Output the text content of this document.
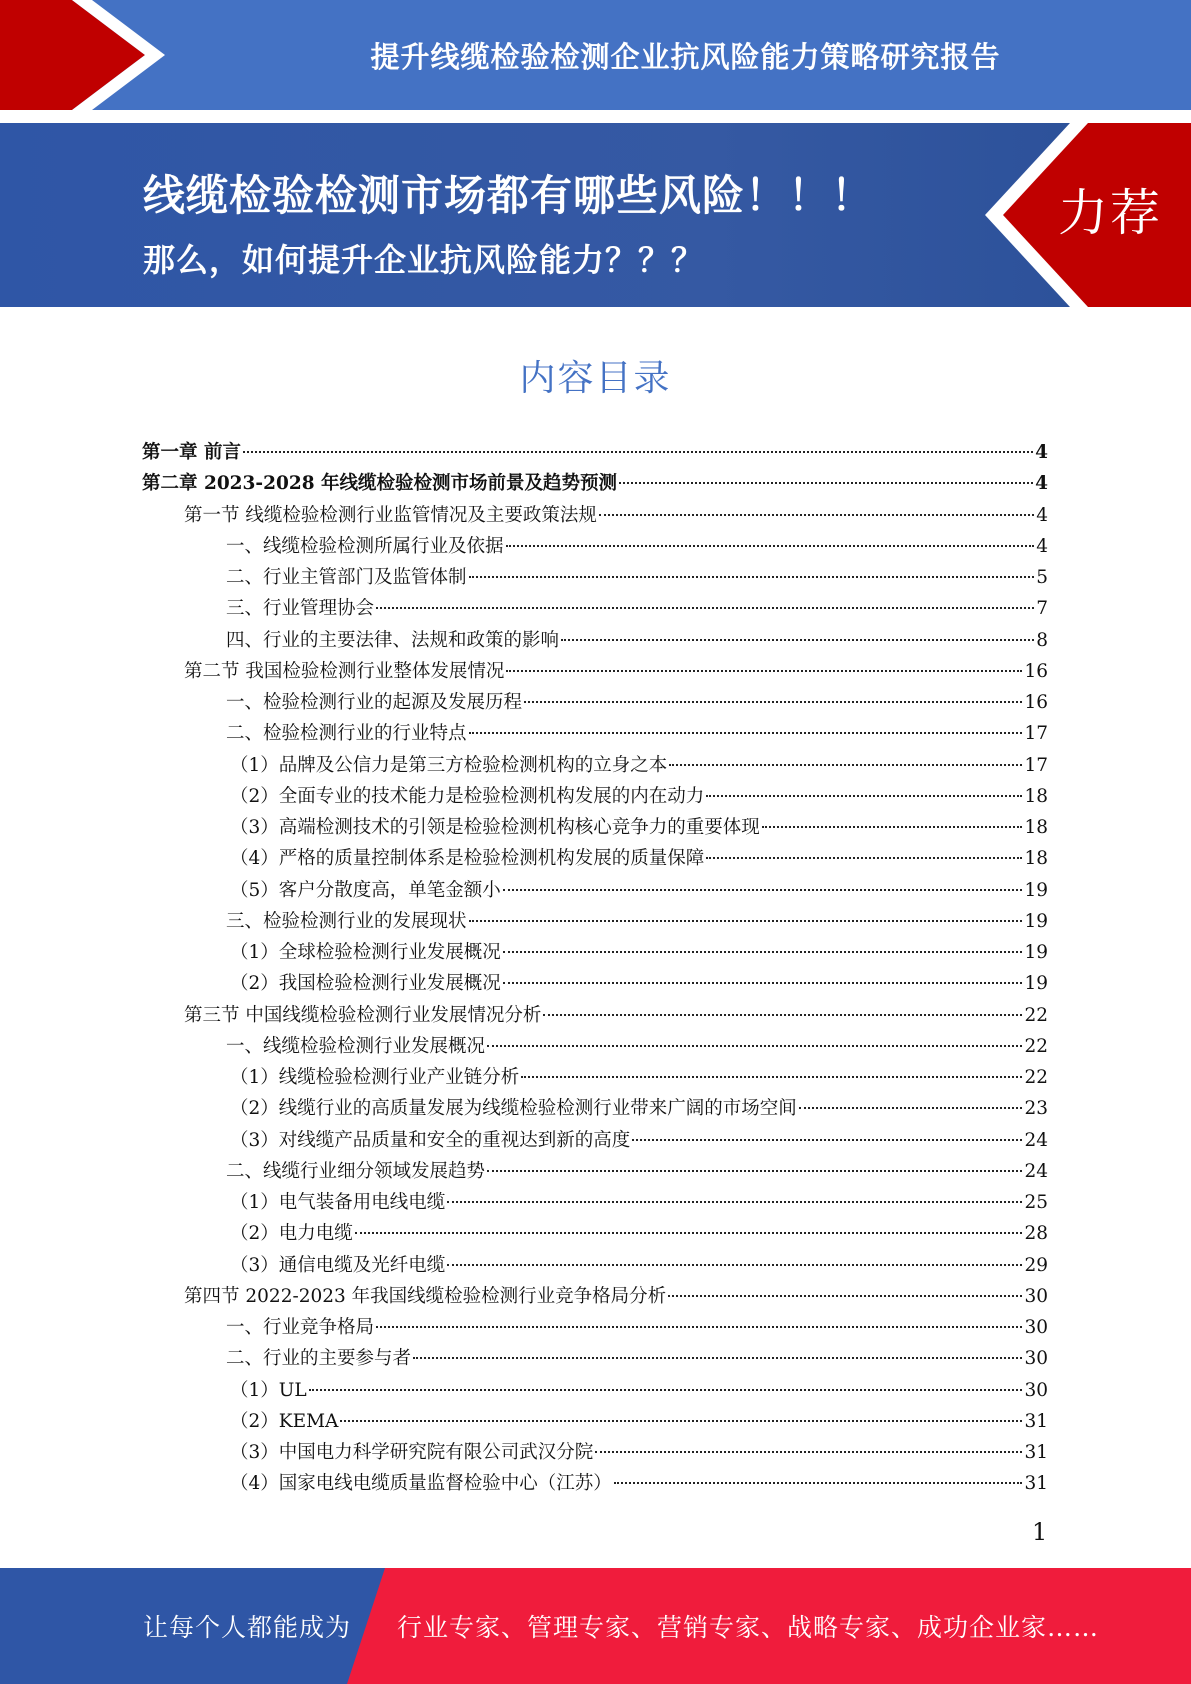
提升线缆检验检测企业抗风险能力策略研究报告
线缆检验检测市场都有哪些风险！！！
那么，如何提升企业抗风险能力？？？
力荐
内容目录
第一章 前言	4
第二章 2023-2028 年线缆检验检测市场前景及趋势预测	4
第一节 线缆检验检测行业监管情况及主要政策法规	4
一、线缆检验检测所属行业及依据	4
二、行业主管部门及监管体制	5
三、行业管理协会	7
四、行业的主要法律、法规和政策的影响	8
第二节 我国检验检测行业整体发展情况	16
一、检验检测行业的起源及发展历程	16
二、检验检测行业的行业特点	17
（1）品牌及公信力是第三方检验检测机构的立身之本	17
（2）全面专业的技术能力是检验检测机构发展的内在动力	18
（3）高端检测技术的引领是检验检测机构核心竞争力的重要体现	18
（4）严格的质量控制体系是检验检测机构发展的质量保障	18
（5）客户分散度高，单笔金额小	19
三、检验检测行业的发展现状	19
（1）全球检验检测行业发展概况	19
（2）我国检验检测行业发展概况	19
第三节 中国线缆检验检测行业发展情况分析	22
一、线缆检验检测行业发展概况	22
（1）线缆检验检测行业产业链分析	22
（2）线缆行业的高质量发展为线缆检验检测行业带来广阔的市场空间	23
（3）对线缆产品质量和安全的重视达到新的高度	24
二、线缆行业细分领域发展趋势	24
（1）电气装备用电线电缆	25
（2）电力电缆	28
（3）通信电缆及光纤电缆	29
第四节 2022-2023 年我国线缆检验检测行业竞争格局分析	30
一、行业竞争格局	30
二、行业的主要参与者	30
（1）UL	30
（2）KEMA	31
（3）中国电力科学研究院有限公司武汉分院	31
（4）国家电线电缆质量监督检验中心（江苏）	31
1
让每个人都能成为 行业专家、管理专家、营销专家、战略专家、成功企业家……
